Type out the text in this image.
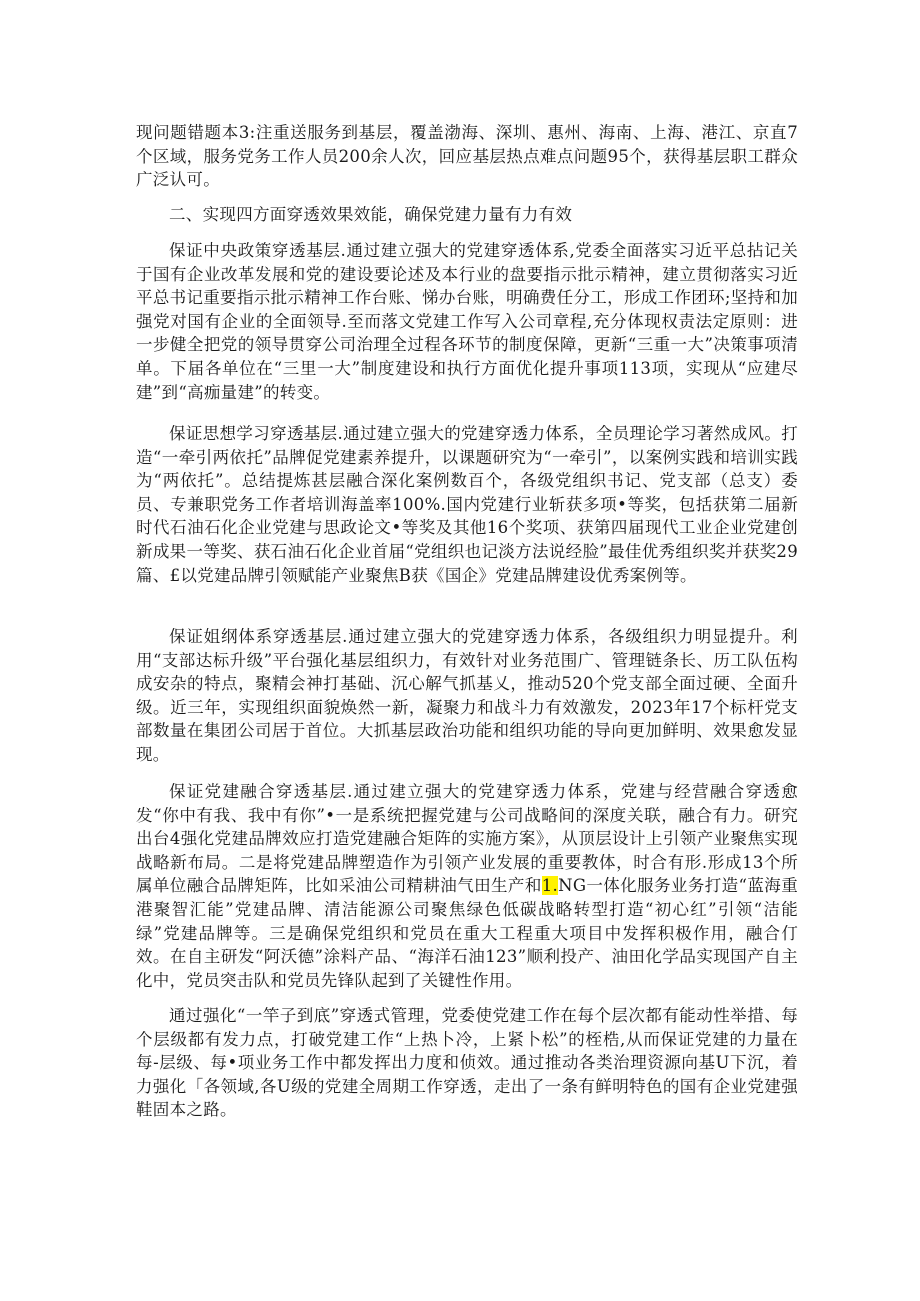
现问题错题本3:注重送服务到基层，覆盖渤海、深圳、惠州、海南、上海、港江、京直7个区域，服务党务工作人员200余人次，回应基层热点难点问题95个，获得基层职工群众广泛认可。

二、实现四方面穿透效果效能，确保党建力量有力有效

保证中央政策穿透基层.通过建立强大的党建穿透体系,党委全面落实习近平总拈记关于国有企业改革发展和党的建设要论述及本行业的盘要指示批示精神，建立贯彻落实习近平总书记重要指示批示精神工作台账、悌办台账，明确费任分工，形成工作团环;坚持和加强党对国有企业的全面领导.至而落文党建工作写入公司章程,充分体现权责法定原则：进一步健全把党的领导贯穿公司治理全过程各环节的制度保障，更新“三重一大”决策事项清单。下届各单位在“三里一大”制度建设和执行方面优化提升事项113项，实现从“应建尽建”到“高痂量建”的转变。

保证思想学习穿透基层.通过建立强大的党建穿透力体系，全员理论学习著然成风。打造“一牵引两依托”品牌促党建素养提升，以课题研究为“一牵引”，以案例实践和培训实践为“两依托”。总结提炼甚层融合深化案例数百个，各级党组织书记、党支部（总支）委员、专兼职党务工作者培训海盖率100%.国内党建行业斩获多项•等奖，包括获第二届新时代石油石化企业党建与思政论文•等奖及其他16个奖项、获第四届现代工业企业党建创新成果一等奖、获石油石化企业首届“党组织也记淡方法说经脸”最佳优秀组织奖并获奖29篇、£以党建品牌引领赋能产业聚焦B获《国企》党建品牌建设优秀案例等。

保证姐纲体系穿透基层.通过建立强大的党建穿透力体系，各级组织力明显提升。利用“支部达标升级”平台强化基层组织力，有效针对业务范围广、管理链条长、历工队伍构成安杂的特点，聚精会神打基础、沉心解气抓基乂，推动520个党支部全面过硬、全面升级。近三年，实现组织面貌焕然一新，凝聚力和战斗力有效激发，2023年17个标杆党支部数量在集团公司居于首位。大抓基层政治功能和组织功能的导向更加鲜明、效果愈发显现。

保证党建融合穿透基层.通过建立强大的党建穿透力体系，党建与经营融合穿透愈发“你中有我、我中有你”•一是系统把握党建与公司战略间的深度关联，融合有力。研究出台4强化党建品牌效应打造党建融合矩阵的实施方案》，从顶层设计上引领产业聚焦实现战略新布局。二是将党建品牌塑造作为引领产业发展的重要教体，时合有形.形成13个所属单位融合品牌矩阵，比如采油公司精耕油气田生产和1.NG一体化服务业务打造“蓝海重港聚智汇能”党建品牌、清洁能源公司聚焦绿色低碳战略转型打造“初心红”引领“洁能绿”党建品牌等。三是确保党组织和党员在重大工程重大项目中发挥积极作用，融合仃效。在自主研发“阿沃德”涂料产品、“海洋石油123”顺利投产、油田化学品实现国产自主化中，党员突击队和党员先锋队起到了关键性作用。

通过强化“一竿子到底”穿透式管理，党委使党建工作在每个层次都有能动性举措、每个层级都有发力点，打破党建工作“上热卜冷，上紧卜松”的桎梏,从而保证党建的力量在每-层级、每•项业务工作中都发挥出力度和侦效。通过推动各类治理资源向基U下沉，着力强化「各领域,各U级的党建全周期工作穿透，走出了一条有鲜明特色的国有企业党建强鞋固本之路。
